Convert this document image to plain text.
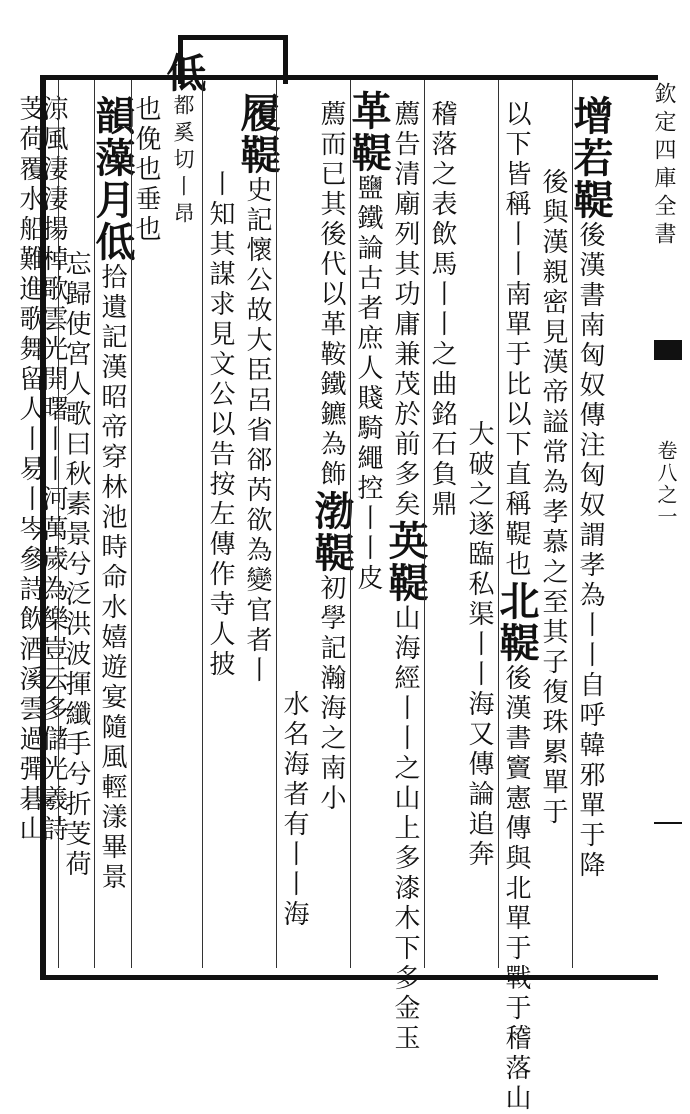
欽定四庫全書
卷八之一
增若鞮
後漢書南匈奴傳注匈奴謂孝為丨丨自呼韓邪單于降
後與漢親密見漢帝謚常為孝慕之至其子復珠累單于
以下皆稱丨丨南單于比以下直稱鞮也
北鞮
後漢書竇憲傳與北單于戰于稽落山
大破之遂臨私渠丨丨海又傳論追奔
稽落之表飲馬丨丨之曲銘石負鼎
薦告清廟列其功庸兼茂於前多矣
英鞮
山海經丨丨之山上多漆木下多金玉
革鞮
鹽鐵論古者庶人賤騎繩控丨丨皮
薦而已其後代以革鞍鐵鑣為飾
渤鞮
初學記瀚海之南小
水名海者有丨丨海
履鞮
史記懷公故大臣呂省郤芮欲為變官者丨
丨知其謀求見文公以告按左傳作寺人披
低
都奚切丨昂
也俛也垂也
韻藻月低
拾遺記漢昭帝穿林池時命水嬉遊宴隨風輕漾畢景
忘歸使宮人歌曰秋素景兮泛洪波揮纖手兮折芰荷
涼風淒淒揚棹歌雲光開曙丨丨河萬歲為樂豈云多儲光羲詩
芰荷覆水船難進歌舞留人丨易丨岑參詩飲酒溪雲過彈碁山
